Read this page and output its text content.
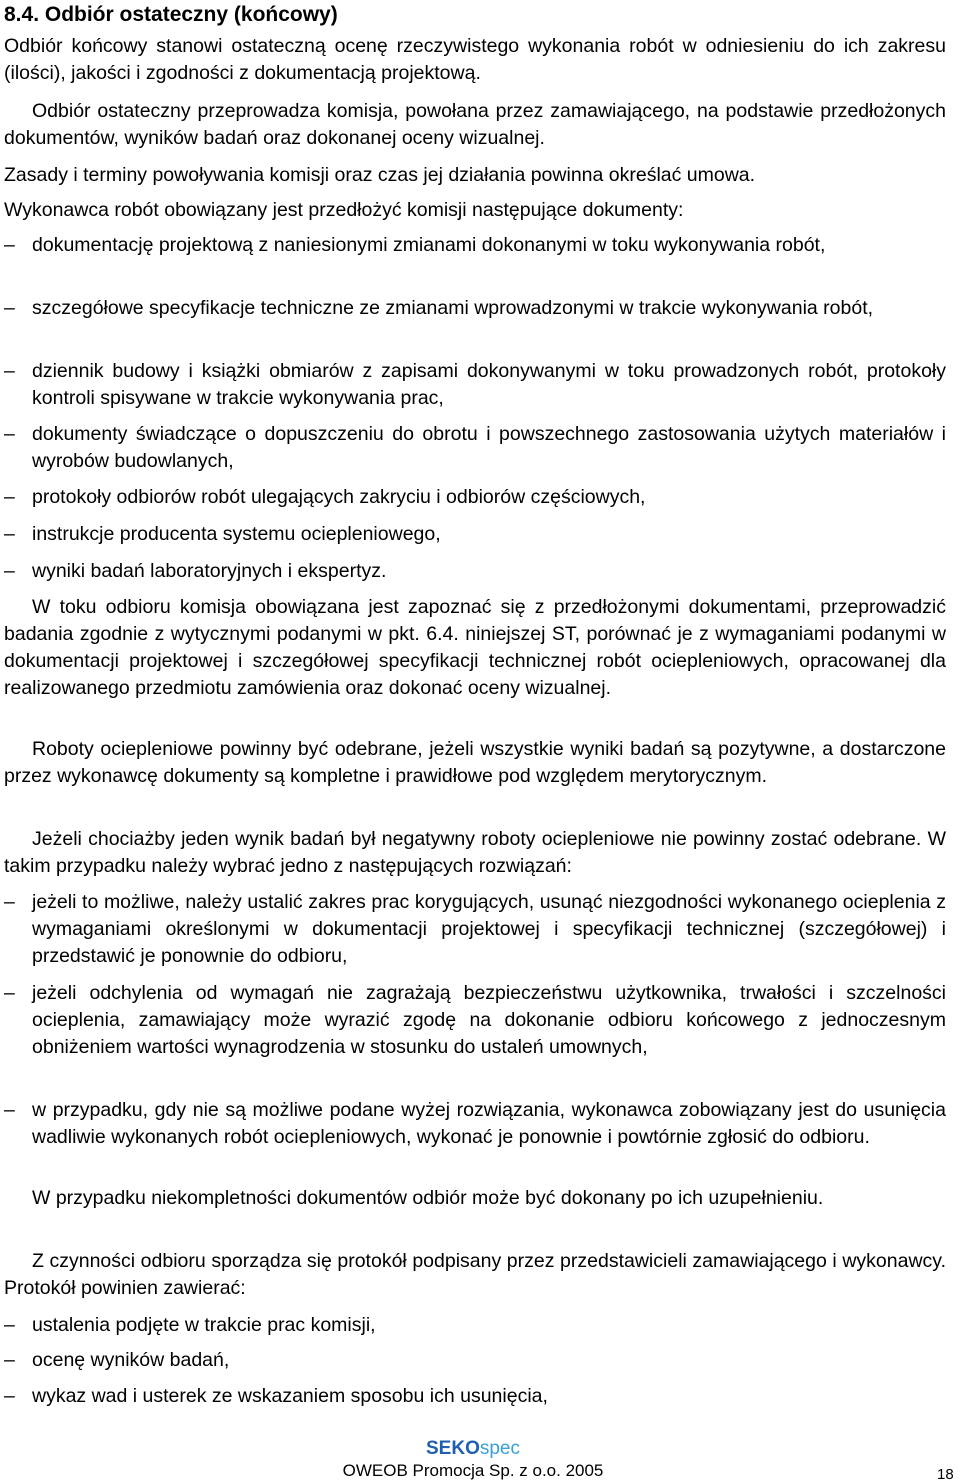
8.4. Odbiór ostateczny (końcowy)
Odbiór końcowy stanowi ostateczną ocenę rzeczywistego wykonania robót w odniesieniu do ich zakresu (ilości), jakości i zgodności z dokumentacją projektową.
Odbiór ostateczny przeprowadza komisja, powołana przez zamawiającego, na podstawie przedłożonych dokumentów, wyników badań oraz dokonanej oceny wizualnej.
Zasady i terminy powoływania komisji oraz czas jej działania powinna określać umowa.
Wykonawca robót obowiązany jest przedłożyć komisji następujące dokumenty:
– dokumentację projektową z naniesionymi zmianami dokonanymi w toku wykonywania robót,
– szczegółowe specyfikacje techniczne ze zmianami wprowadzonymi w trakcie wykonywania robót,
– dziennik budowy i książki obmiarów z zapisami dokonywanymi w toku prowadzonych robót, protokoły kontroli spisywane w trakcie wykonywania prac,
– dokumenty świadczące o dopuszczeniu do obrotu i powszechnego zastosowania użytych materiałów i wyrobów budowlanych,
– protokoły odbiorów robót ulegających zakryciu i odbiorów częściowych,
– instrukcje producenta systemu ociepleniowego,
– wyniki badań laboratoryjnych i ekspertyz.
W toku odbioru komisja obowiązana jest zapoznać się z przedłożonymi dokumentami, przeprowadzić badania zgodnie z wytycznymi podanymi w pkt. 6.4. niniejszej ST, porównać je z wymaganiami podanymi w dokumentacji projektowej i szczegółowej specyfikacji technicznej robót ociepleniowych, opracowanej dla realizowanego przedmiotu zamówienia oraz dokonać oceny wizualnej.
Roboty ociepleniowe powinny być odebrane, jeżeli wszystkie wyniki badań są pozytywne, a dostarczone przez wykonawcę dokumenty są kompletne i prawidłowe pod względem merytorycznym.
Jeżeli chociażby jeden wynik badań był negatywny roboty ociepleniowe nie powinny zostać odebrane. W takim przypadku należy wybrać jedno z następujących rozwiązań:
– jeżeli to możliwe, należy ustalić zakres prac korygujących, usunąć niezgodności wykonanego ocieplenia z wymaganiami określonymi w dokumentacji projektowej i specyfikacji technicznej (szczegółowej) i przedstawić je ponownie do odbioru,
– jeżeli odchylenia od wymagań nie zagrażają bezpieczeństwu użytkownika, trwałości i szczelności ocieplenia, zamawiający może wyrazić zgodę na dokonanie odbioru końcowego z jednoczesnym obniżeniem wartości wynagrodzenia w stosunku do ustaleń umownych,
– w przypadku, gdy nie są możliwe podane wyżej rozwiązania, wykonawca zobowiązany jest do usunięcia wadliwie wykonanych robót ociepleniowych, wykonać je ponownie i powtórnie zgłosić do odbioru.
W przypadku niekompletności dokumentów odbiór może być dokonany po ich uzupełnieniu.
Z czynności odbioru sporządza się protokół podpisany przez przedstawicieli zamawiającego i wykonawcy. Protokół powinien zawierać:
– ustalenia podjęte w trakcie prac komisji,
– ocenę wyników badań,
– wykaz wad i usterek ze wskazaniem sposobu ich usunięcia,
SEKOspec
OWEOB Promocja Sp. z o.o. 2005	18
